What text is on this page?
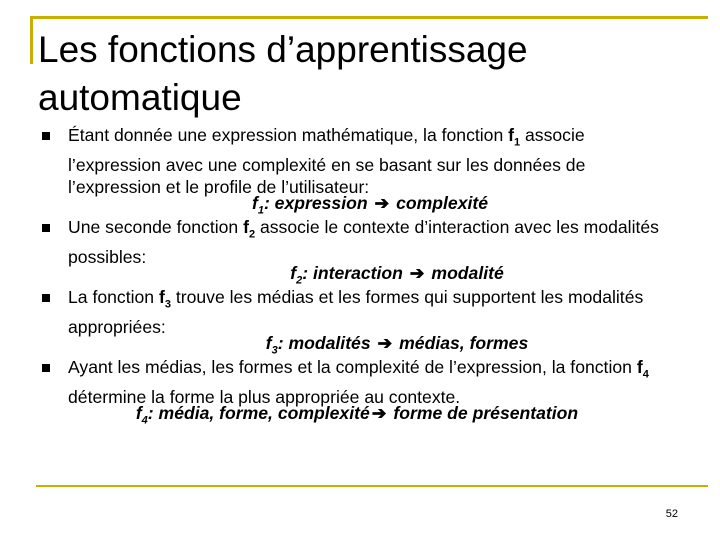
Les fonctions d’apprentissage automatique

Étant donnée une expression mathématique, la fonction $f_1$ associe l’expression avec une complexité en se basant sur les données de l’expression et le profile de l’utilisateur:

$f_1$: expression ➔ complexité

Une seconde fonction $f_2$ associe le contexte d’interaction avec les modalités possibles:

$f_2$: interaction ➔ modalité

La fonction $f_3$ trouve les médias et les formes qui supportent les modalités appropriées:

$f_3$: modalités ➔ médias, formes

Ayant les médias, les formes et la complexité de l’expression, la fonction $f_4$ détermine la forme la plus appropriée au contexte.

$f_4$: média, forme, complexité ➔ forme de présentation

52
